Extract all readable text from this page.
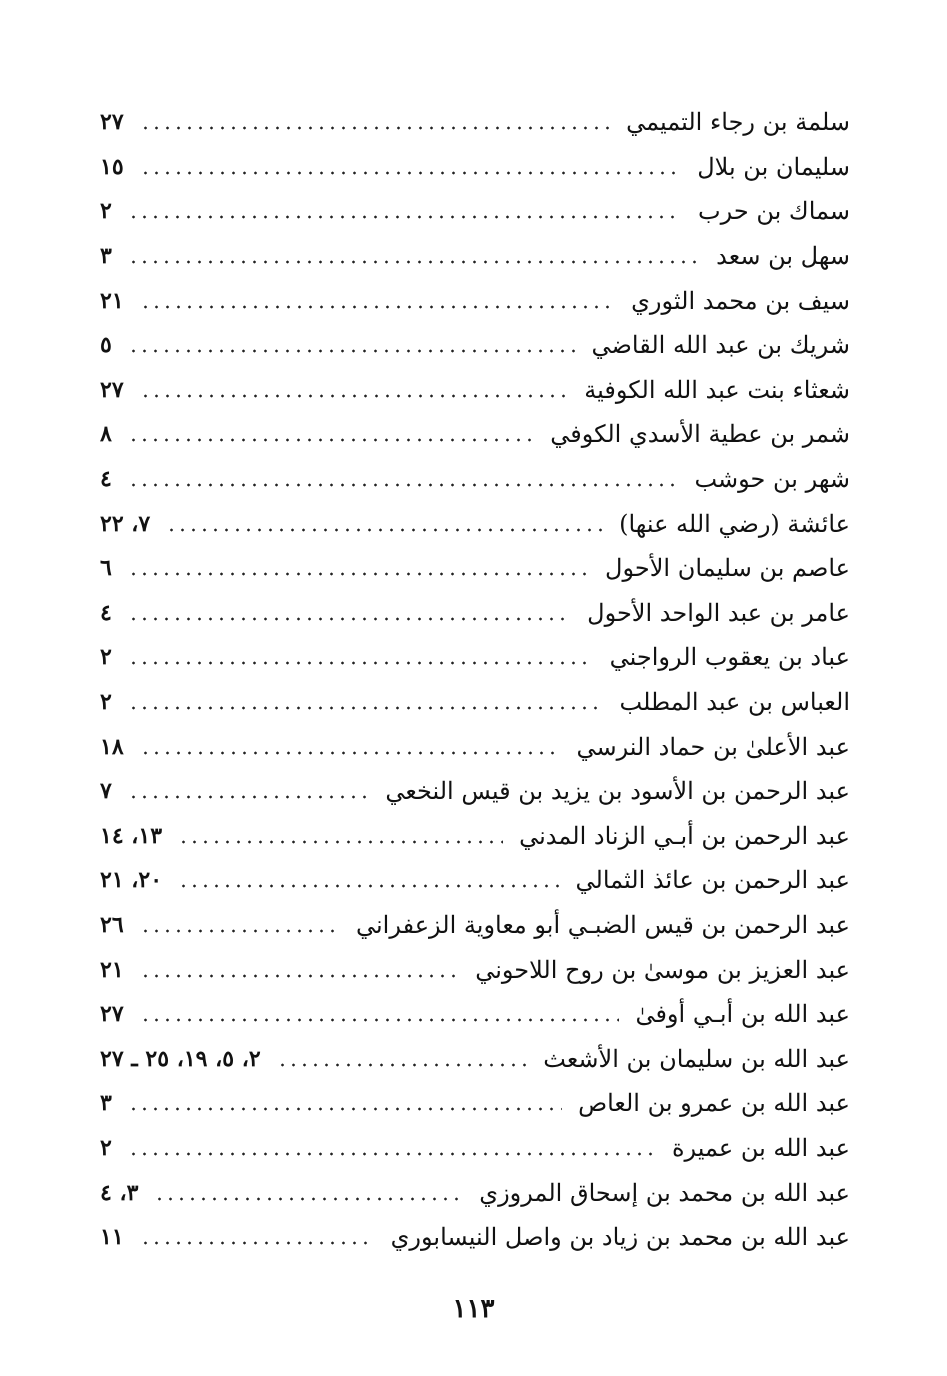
سلمة بن رجاء التميمي
٢٧
سليمان بن بلال
١٥
سماك بن حرب
٢
سهل بن سعد
٣
سيف بن محمد الثوري
٢١
شريك بن عبد الله القاضي
٥
شعثاء بنت عبد الله الكوفية
٢٧
شمر بن عطية الأسدي الكوفي
٨
شهر بن حوشب
٤
عائشة (رضي الله عنها)
٧، ٢٢
عاصم بن سليمان الأحول
٦
عامر بن عبد الواحد الأحول
٤
عباد بن يعقوب الرواجني
٢
العباس بن عبد المطلب
٢
عبد الأعلىٰ بن حماد النرسي
١٨
عبد الرحمن بن الأسود بن يزيد بن قيس النخعي
٧
عبد الرحمن بن أبـي الزناد المدني
١٣، ١٤
عبد الرحمن بن عائذ الثمالي
٢٠، ٢١
عبد الرحمن بن قيس الضبـي أبو معاوية الزعفراني
٢٦
عبد العزيز بن موسىٰ بن روح اللاحوني
٢١
عبد الله بن أبـي أوفىٰ
٢٧
عبد الله بن سليمان بن الأشعث
٢، ٥، ١٩، ٢٥ ـ ٢٧
عبد الله بن عمرو بن العاص
٣
عبد الله بن عميرة
٢
عبد الله بن محمد بن إسحاق المروزي
٣، ٤
عبد الله بن محمد بن زياد بن واصل النيسابوري
١١
١١٣
